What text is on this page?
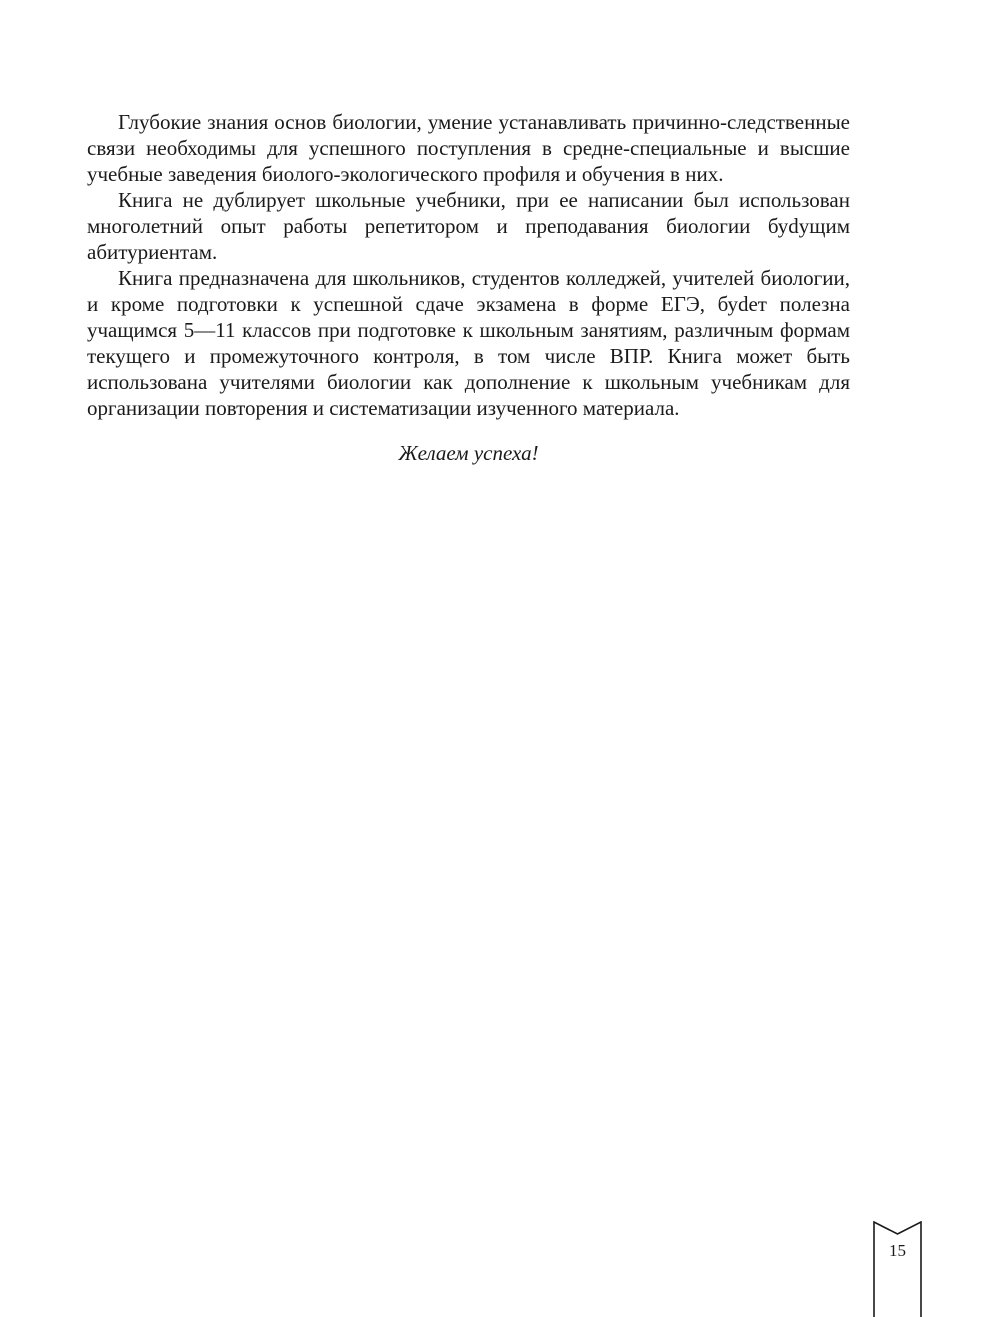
Глубокие знания основ биологии, умение устанавливать причинно-следственные связи необходимы для успешного поступления в средне-специальные и высшие учебные заведения биолого-экологического профиля и обучения в них.

Книга не дублирует школьные учебники, при ее написании был использован многолетний опыт работы репетитором и преподавания биологии буdущим абитуриентам.

Книга предназначена для школьников, студентов колледжей, учителей биологии, и кроме подготовки к успешной сдаче экзамена в форме ЕГЭ, буdет полезна учащимся 5—11 классов при подготовке к школьным занятиям, различным формам текущего и промежуточного контроля, в том числе ВПР. Книга может быть использована учителями биологии как дополнение к школьным учебникам для организации повторения и систематизации изученного материала.

Желаем успеха!

15
